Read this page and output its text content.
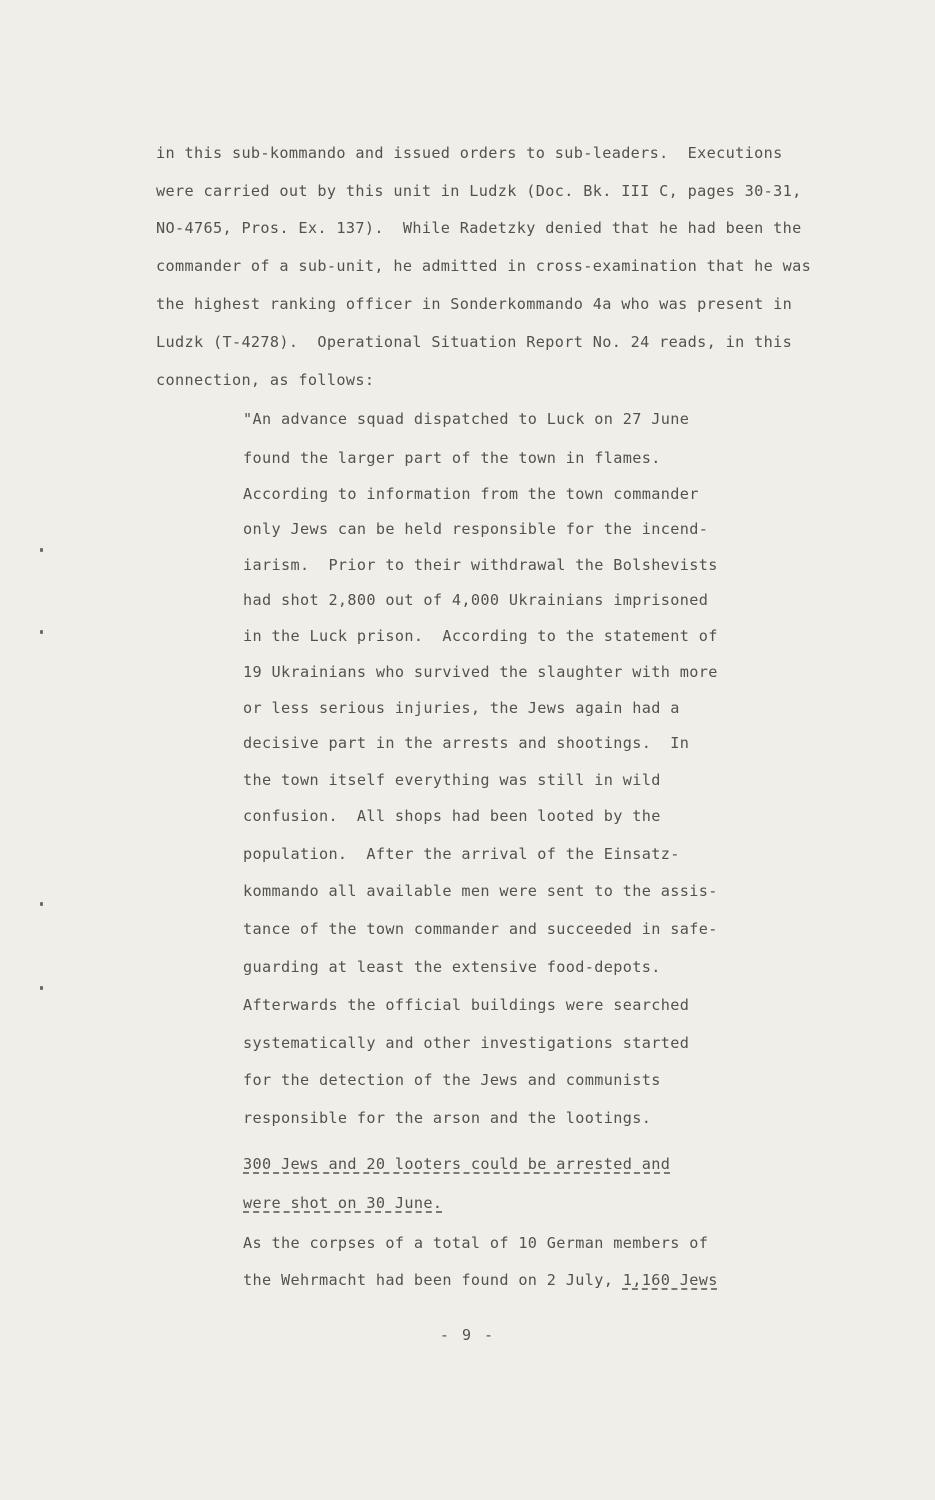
in this sub-kommando and issued orders to sub-leaders.  Executions
were carried out by this unit in Ludzk (Doc. Bk. III C, pages 30-31,
NO-4765, Pros. Ex. 137).  While Radetzky denied that he had been the
commander of a sub-unit, he admitted in cross-examination that he was
the highest ranking officer in Sonderkommando 4a who was present in
Ludzk (T-4278).  Operational Situation Report No. 24 reads, in this
connection, as follows:
"An advance squad dispatched to Luck on 27 June
found the larger part of the town in flames.
According to information from the town commander
only Jews can be held responsible for the incend-
iarism.  Prior to their withdrawal the Bolshevists
had shot 2,800 out of 4,000 Ukrainians imprisoned
in the Luck prison.  According to the statement of
19 Ukrainians who survived the slaughter with more
or less serious injuries, the Jews again had a
decisive part in the arrests and shootings.  In
the town itself everything was still in wild
confusion.  All shops had been looted by the
population.  After the arrival of the Einsatz-
kommando all available men were sent to the assis-
tance of the town commander and succeeded in safe-
guarding at least the extensive food-depots.
Afterwards the official buildings were searched
systematically and other investigations started
for the detection of the Jews and communists
responsible for the arson and the lootings.
300 Jews and 20 looters could be arrested and
were shot on 30 June.
As the corpses of a total of 10 German members of
the Wehrmacht had been found on 2 July, 1,160 Jews
- 9 -
